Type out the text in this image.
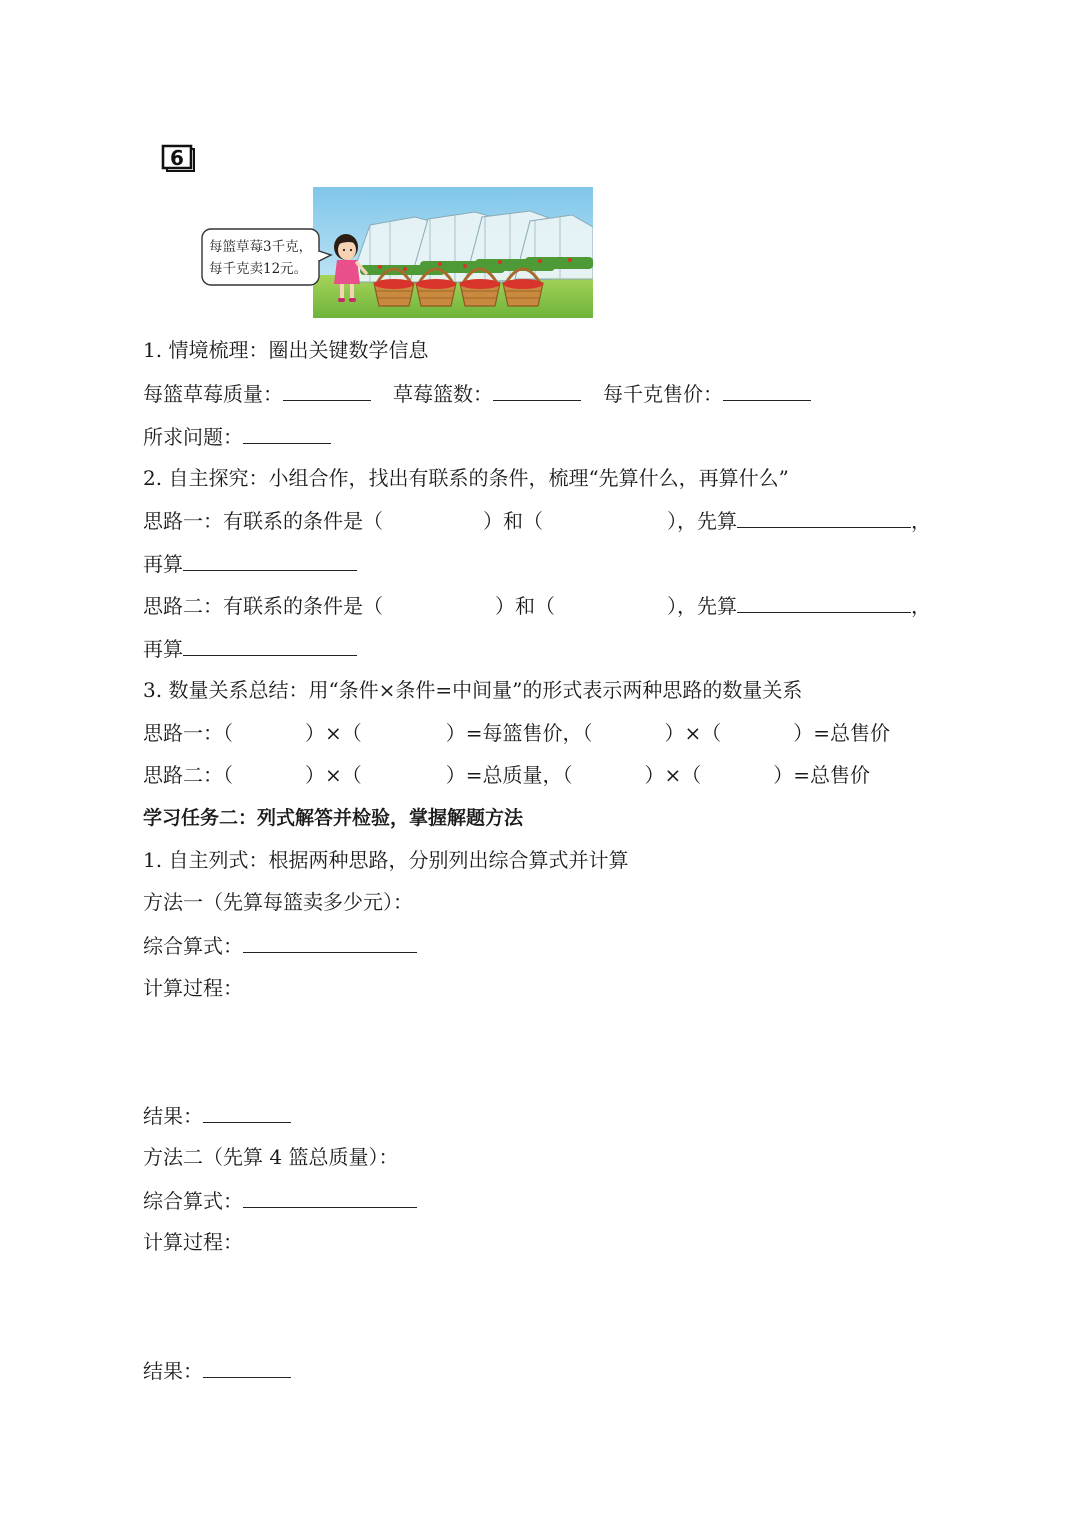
6
每篮草莓3千克，
每千克卖12元。
1. 情境梳理：圈出关键数学信息
每篮草莓质量：	草莓篮数：	每千克售价：
所求问题：
2. 自主探究：小组合作，找出有联系的条件，梳理“先算什么，再算什么”
思路一：有联系的条件是（	）和（	），先算	，
再算
思路二：有联系的条件是（	）和（	），先算	，
再算
3. 数量关系总结：用“条件×条件=中间量”的形式表示两种思路的数量关系
思路一：（	）×（	）=每篮售价，（	）×（	）=总售价
思路二：（	）×（	）=总质量，（	）×（	）=总售价
学习任务二：列式解答并检验，掌握解题方法
1. 自主列式：根据两种思路，分别列出综合算式并计算
方法一（先算每篮卖多少元）：
综合算式：
计算过程：
结果：
方法二（先算 4 篮总质量）：
综合算式：
计算过程：
结果：
